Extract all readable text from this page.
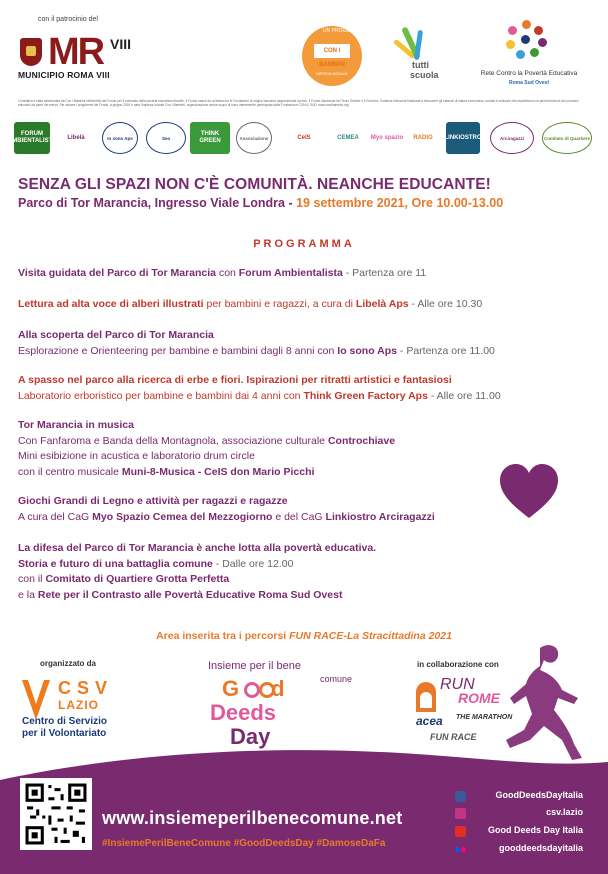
con il patrocinio del
MR VIII
MUNICIPIO ROMA VIII
UN PROGETTO
CON I BAMBINI
IMPRESA SOCIALE
tutti
scuola	Rete Contro la Povertà Educativa
Roma Sud Ovest
L'iniziativa è stata selezionata da Con i Bambini nell'ambito del Fondo per il contrasto della povertà educativa minorile. Il Fondo nasce da un'intesa tra le Fondazioni di origine bancaria rappresentate da Acri, il Forum Nazionale del Terzo Settore e il Governo. Sostiene interventi finalizzati a rimuovere gli ostacoli di natura economica, sociale e culturale che impediscono la piena fruizione dei processi educativi da parte dei minori. Per attuare i programmi del Fondo, a giugno 2016 è nata l'impresa sociale Con i Bambini, organizzazione senza scopo di lucro interamente partecipata dalla Fondazione CON IL SUD. www.conibambini.org
FORUM AMBIENTALISTA
Libelà	Io sono Aps	Sea
THINK GREEN	Associazione	CeIS	CEMEA Myo spazio RADIO LINKIOSTRO	Arciragazzi	Comitato di Quartiere
SENZA GLI SPAZI NON C'È COMUNITÀ. NEANCHE EDUCANTE!
Parco di Tor Marancia, Ingresso Viale Londra - 19 settembre 2021, Ore 10.00-13.00
PROGRAMMA
Visita guidata del Parco di Tor Marancia con Forum Ambientalista - Partenza ore 11
Lettura ad alta voce di alberi illustrati per bambini e ragazzi, a cura di Libelà Aps - Alle ore 10.30
Alla scoperta del Parco di Tor Marancia
Esplorazione e Orienteering per bambine e bambini dagli 8 anni con Io sono Aps - Partenza ore 11.00
A spasso nel parco alla ricerca di erbe e fiori. Ispirazioni per ritratti artistici e fantasiosi
Laboratorio erboristico per bambine e bambini dai 4 anni con Think Green Factory Aps - Alle ore 11.00
Tor Marancia in musica
Con Fanfaroma e Banda della Montagnola, associazione culturale Controchiave
Mini esibizione in acustica e laboratorio drum circle
con il centro musicale Muni-8-Musica - CeIS don Mario Picchi
Giochi Grandi di Legno e attività per ragazzi e ragazze
A cura del CaG Myo Spazio Cemea del Mezzogiorno e del CaG Linkiostro Arciragazzi
La difesa del Parco di Tor Marancia è anche lotta alla povertà educativa.
Storia e futuro di una battaglia comune - Dalle ore 12.00
con il Comitato di Quartiere Grotta Perfetta
e la Rete per il Contrasto alle Povertà Educative Roma Sud Ovest
Area inserita tra i percorsi FUN RACE-La Stracittadina 2021
organizzato da
CSV
LAZIO
Centro di Servizio
per il Volontariato
Insieme per il bene
comune
G d
Deeds
Day
in collaborazione con
RUN
ROME
acea THE MARATHON
FUN RACE
www.insiemeperilbenecomune.net
#InsiemePerilBeneComune #GoodDeedsDay #DamoseDaFa
GoodDeedsDayItalia
csv.lazio
Good Deeds Day Italia
gooddeedsdayitalia
